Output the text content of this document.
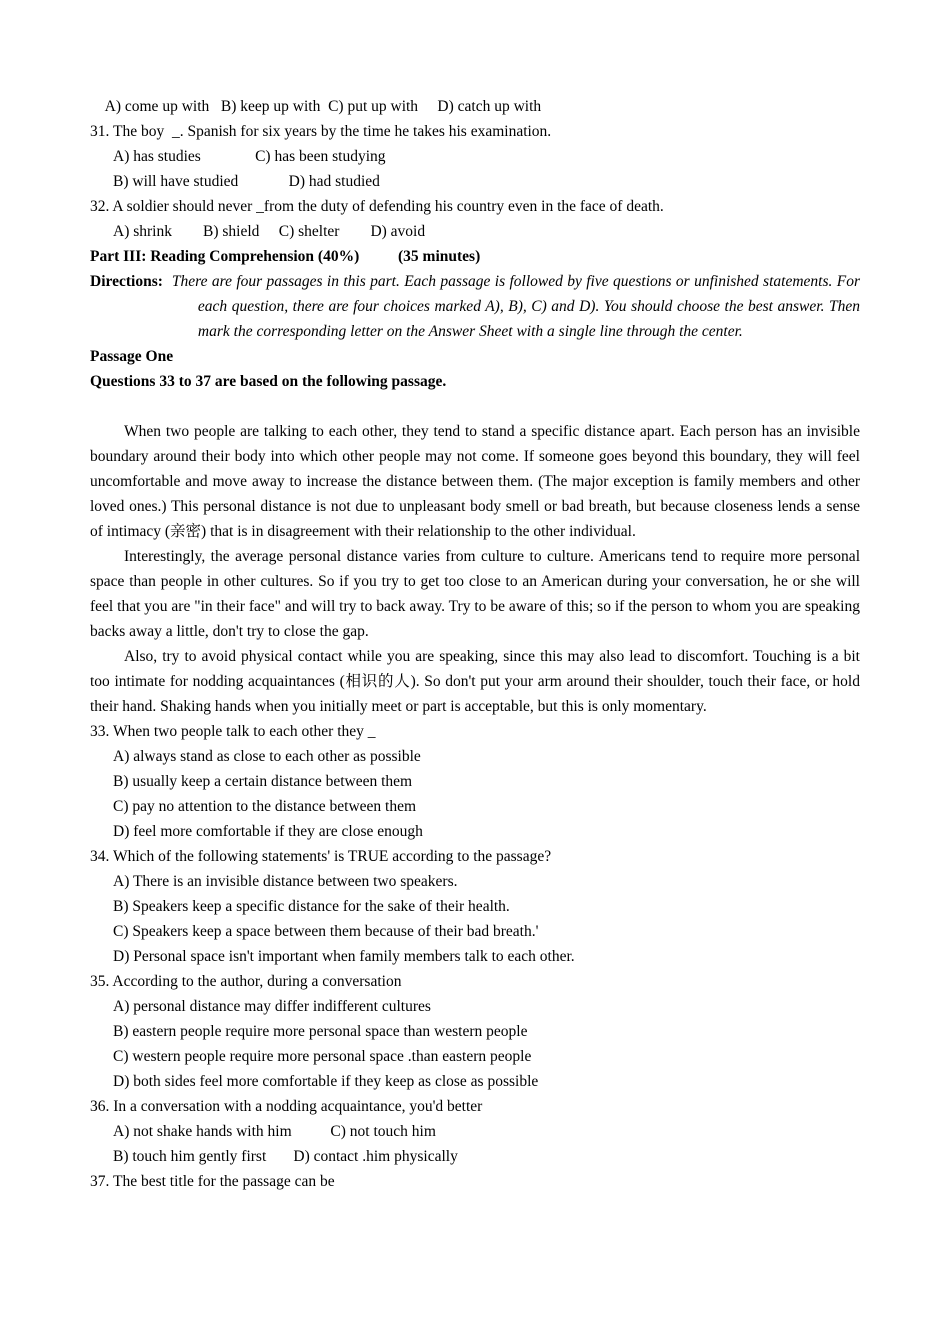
A) come up with   B) keep up with  C) put up with     D) catch up with
31. The boy  _. Spanish for six years by the time he takes his examination.
A) has studies              C) has been studying
B) will have studied             D) had studied
32. A soldier should never _from the duty of defending his country even in the face of death.
A) shrink        B) shield     C) shelter        D) avoid
Part III: Reading Comprehension (40%)          (35 minutes)
Directions: There are four passages in this part. Each passage is followed by five questions or unfinished statements. For each question, there are four choices marked A), B), C) and D). You should choose the best answer. Then mark the corresponding letter on the Answer Sheet with a single line through the center.
Passage One
Questions 33 to 37 are based on the following passage.
When two people are talking to each other, they tend to stand a specific distance apart. Each person has an invisible boundary around their body into which other people may not come. If someone goes beyond this boundary, they will feel uncomfortable and move away to increase the distance between them. (The major exception is family members and other loved ones.) This personal distance is not due to unpleasant body smell or bad breath, but because closeness lends a sense of intimacy (亲密) that is in disagreement with their relationship to the other individual.
Interestingly, the average personal distance varies from culture to culture. Americans tend to require more personal space than people in other cultures. So if you try to get too close to an American during your conversation, he or she will feel that you are "in their face" and will try to back away. Try to be aware of this; so if the person to whom you are speaking backs away a little, don't try to close the gap.
Also, try to avoid physical contact while you are speaking, since this may also lead to discomfort. Touching is a bit too intimate for nodding acquaintances (相识的人). So don't put your arm around their shoulder, touch their face, or hold their hand. Shaking hands when you initially meet or part is acceptable, but this is only momentary.
33. When two people talk to each other they _
A) always stand as close to each other as possible
B) usually keep a certain distance between them
C) pay no attention to the distance between them
D) feel more comfortable if they are close enough
34. Which of the following statements' is TRUE according to the passage?
A) There is an invisible distance between two speakers.
B) Speakers keep a specific distance for the sake of their health.
C) Speakers keep a space between them because of their bad breath.'
D) Personal space isn't important when family members talk to each other.
35. According to the author, during a conversation
A) personal distance may differ indifferent cultures
B) eastern people require more personal space than western people
C) western people require more personal space .than eastern people
D) both sides feel more comfortable if they keep as close as possible
36. In a conversation with a nodding acquaintance, you'd better
A) not shake hands with him          C) not touch him
B) touch him gently first       D) contact .him physically
37. The best title for the passage can be
